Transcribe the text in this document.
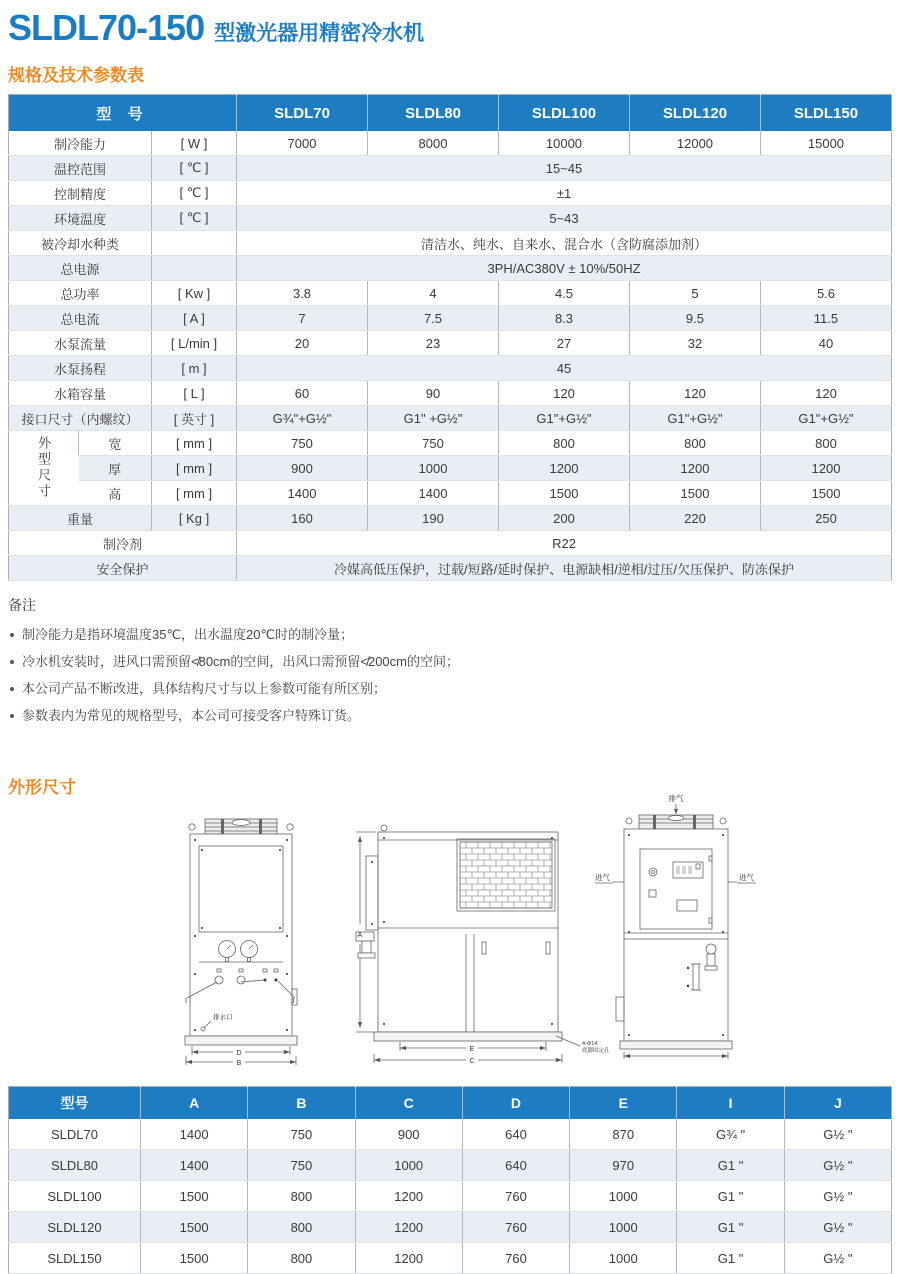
SLDL70-150 型激光器用精密冷水机
规格及技术参数表
型 号			SLDL70	SLDL80	SLDL100	SLDL120	SLDL150
制冷能力		[ W ]	7000	8000	10000	12000	15000
温控范围		[ ℃ ]	15~45				
控制精度		[ ℃ ]	±1				
环境温度		[ ℃ ]	5~43				
被冷却水种类			清洁水、纯水、自来水、混合水（含防腐添加剂）				
总电源			3PH/AC380V ± 10%/50HZ				
总功率		[ Kw ]	3.8	4	4.5	5	5.6
总电流		[ A ]	7	7.5	8.3	9.5	11.5
水泵流量		[ L/min ]	20	23	27	32	40
水泵扬程		[ m ]	45				
水箱容量		[ L ]	60	90	120	120	120
接口尺寸（内螺纹）		[ 英寸 ]	G¾"+G½"	G1" +G½"	G1"+G½"	G1"+G½"	G1"+G½"
外型尺寸	宽	[ mm ]	750	750	800	800	800
	厚	[ mm ]	900	1000	1200	1200	1200
	高	[ mm ]	1400	1400	1500	1500	1500
重量		[ Kg ]	160	190	200	220	250
制冷剂			R22				
安全保护			冷媒高低压保护，过载/短路/延时保护、电源缺相/逆相/过压/欠压保护、防冻保护				
备注
制冷能力是指环境温度35℃，出水温度20℃时的制冷量；
冷水机安装时，进风口需预留≮80cm的空间，出风口需预留≮200cm的空间；
本公司产品不断改进，具体结构尺寸与以上参数可能有所区别；
参数表内为常见的规格型号，本公司可接受客户特殊订货。
外形尺寸
I	J
排水口
D
B
A
E
C
4-Φ14
底脚固定孔
排气
进气	进气
型号	A	B	C	D	E	I	J
SLDL70	1400	750	900	640	870	G¾ "	G½ "
SLDL80	1400	750	1000	640	970	G1 "	G½ "
SLDL100	1500	800	1200	760	1000	G1 "	G½ "
SLDL120	1500	800	1200	760	1000	G1 "	G½ "
SLDL150	1500	800	1200	760	1000	G1 "	G½ "
